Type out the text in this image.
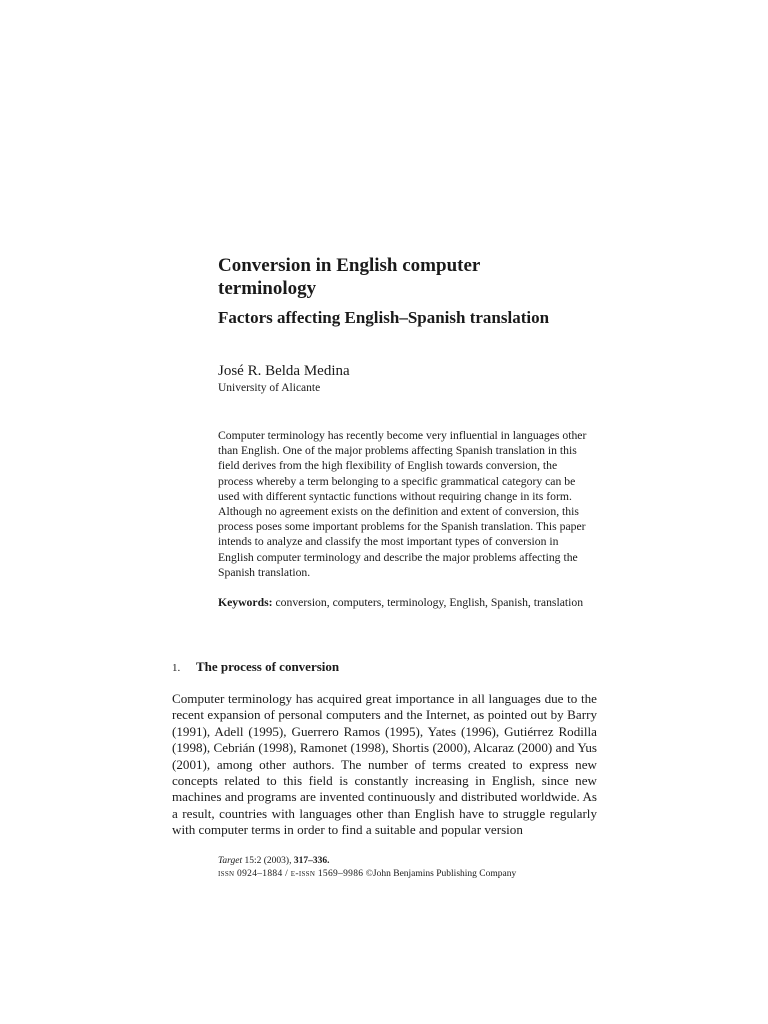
Conversion in English computer terminology
Factors affecting English–Spanish translation
José R. Belda Medina
University of Alicante

Computer terminology has recently become very influential in languages other than English. One of the major problems affecting Spanish translation in this field derives from the high flexibility of English towards conversion, the process whereby a term belonging to a specific grammatical category can be used with different syntactic functions without requiring change in its form. Although no agreement exists on the definition and extent of conversion, this process poses some important problems for the Spanish translation. This paper intends to analyze and classify the most important types of conversion in English computer terminology and describe the major problems affecting the Spanish translation.

Keywords: conversion, computers, terminology, English, Spanish, translation

1. The process of conversion

Computer terminology has acquired great importance in all languages due to the recent expansion of personal computers and the Internet, as pointed out by Barry (1991), Adell (1995), Guerrero Ramos (1995), Yates (1996), Gutiérrez Rodilla (1998), Cebrián (1998), Ramonet (1998), Shortis (2000), Alcaraz (2000) and Yus (2001), among other authors. The number of terms created to express new concepts related to this field is constantly increasing in English, since new machines and programs are invented continuously and distributed worldwide. As a result, countries with languages other than English have to struggle regularly with computer terms in order to find a suitable and popular version

Target 15:2 (2003), 317–336.
issn 0924–1884 / e-issn 1569–9986 ©John Benjamins Publishing Company
